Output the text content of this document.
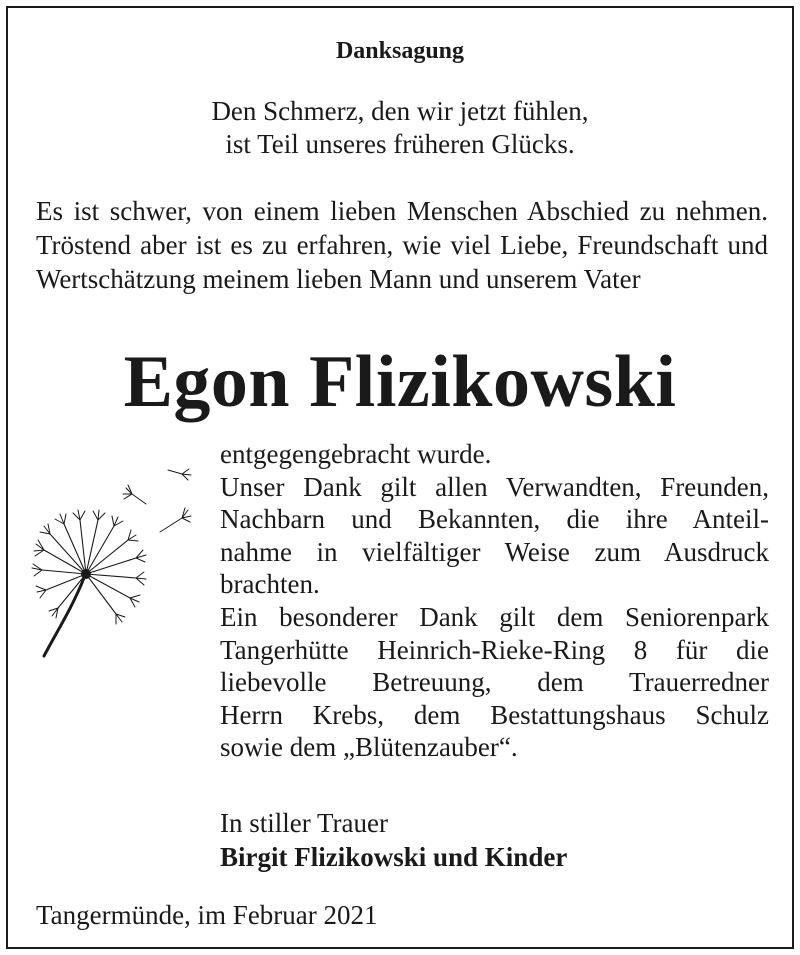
Danksagung
Den Schmerz, den wir jetzt fühlen,
ist Teil unseres früheren Glücks.
Es ist schwer, von einem lieben Menschen Abschied zu nehmen. Tröstend aber ist es zu erfahren, wie viel Liebe, Freundschaft und Wertschätzung meinem lieben Mann und unserem Vater
Egon Flizikowski
entgegengebracht wurde.
Unser Dank gilt allen Verwandten, Freunden,
Nachbarn und Bekannten, die ihre Anteil-
nahme in vielfältiger Weise zum Ausdruck
brachten.
Ein besonderer Dank gilt dem Seniorenpark
Tangerhütte Heinrich-Rieke-Ring 8 für die
liebevolle Betreuung, dem Trauerredner
Herrn Krebs, dem Bestattungshaus Schulz
sowie dem „Blütenzauber“.
In stiller Trauer
Birgit Flizikowski und Kinder
Tangermünde, im Februar 2021
